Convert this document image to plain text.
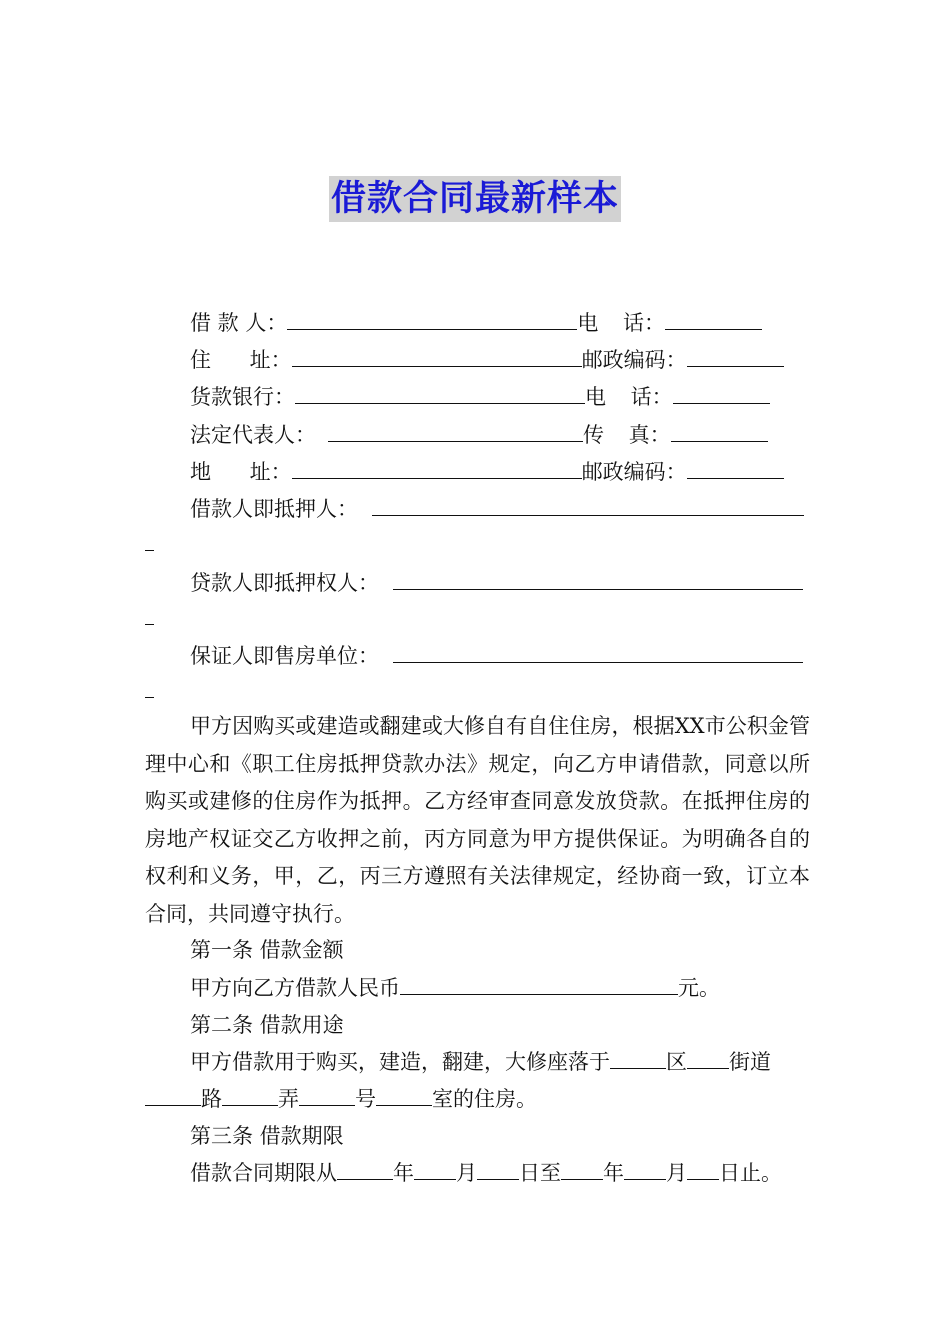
借款合同最新样本
借 款 人：	电 话：
住 址：	邮政编码：
货款银行：	电 话：
法定代表人：	传 真：
地 址：	邮政编码：
借款人即抵押人：
贷款人即抵押权人：
保证人即售房单位：
甲方因购买或建造或翻建或大修自有自住住房，根据XX市公积金管理中心和《职工住房抵押贷款办法》规定，向乙方申请借款，同意以所购买或建修的住房作为抵押。乙方经审查同意发放贷款。在抵押住房的房地产权证交乙方收押之前，丙方同意为甲方提供保证。为明确各自的权利和义务，甲，乙，丙三方遵照有关法律规定，经协商一致，订立本合同，共同遵守执行。
第一条 借款金额
甲方向乙方借款人民币	元。
第二条 借款用途
甲方借款用于购买，建造，翻建，大修座落于	区 街道
路	弄	号	室的住房。
第三条 借款期限
借款合同期限从	年 月 日至 年 月 日止。
